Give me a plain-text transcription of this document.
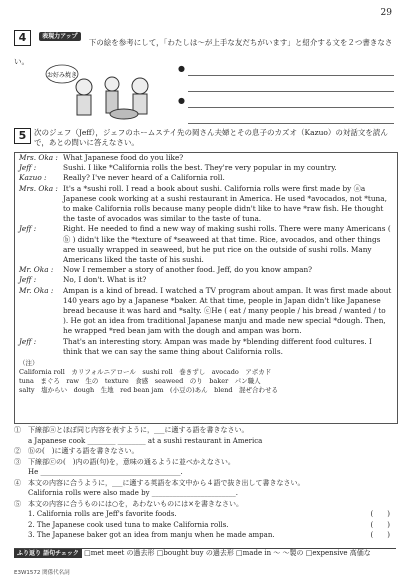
29
4	表現力アップ 下の絵を参考にして，「わたしは～が上手な友だちがいます」と紹介する文を２つ書きなさい。
お好み焼き
●
●
5	次のジェフ（Jeff），ジェフのホームステイ先の岡さん夫婦とその息子のカズオ（Kazuo）の対話文を読んで，あとの問いに答えなさい。
Mrs. Oka : What Japanese food do you like?
Jeff :	Sushi. I like *California rolls the best. They're very popular in my country.
Kazuo :	Really? I've never heard of a California roll.
Mrs. Oka : It's a *sushi roll. I read a book about sushi. California rolls were first made by ⓐa Japanese cook working at a sushi restaurant in America. He used *avocados, not *tuna, to make California rolls because many people didn't like to have *raw fish. He thought the taste of avocados was similar to the taste of tuna.
Jeff :	Right. He needed to find a new way of making sushi rolls. There were many Americans ( ⓑ ) didn't like the *texture of *seaweed at that time. Rice, avocados, and other things are usually wrapped in seaweed, but he put rice on the outside of sushi rolls. Many Americans liked the taste of his sushi.
Mr. Oka :	Now I remember a story of another food. Jeff, do you know ampan?
Jeff :	No, I don't. What is it?
Mr. Oka :	Ampan is a kind of bread. I watched a TV program about ampan. It was first made about 140 years ago by a Japanese *baker. At that time, people in Japan didn't like Japanese bread because it was hard and *salty. ⓒHe ( eat / many people / his bread / wanted / to ). He got an idea from traditional Japanese manju and made new special *dough. Then, he wrapped *red bean jam with the dough and ampan was born.
Jeff :	That's an interesting story. Ampan was made by *blending different food cultures. I think that we can say the same thing about California rolls.
（注）
California roll　カリフォルニアロール　sushi roll　巻きずし　avocado　アボカド
tuna　まぐろ　raw　生の　texture　食感　seaweed　のり　baker　パン職人
salty　塩からい　dough　生地　red bean jam　(小豆の)あん　blend　混ぜ合わせる
①　下線部ⓐとほぼ同じ内容を表すように，___に適する語を書きなさい。
　　a Japanese cook ________ ________ at a sushi restaurant in America
②　ⓑの(　)に適する語を書きなさい。
③　下線部ⓒの(　)内の語(句)を，意味の通るように並べかえなさい。
　　He ________________________________________.
④　本文の内容に合うように，___に適する英語を本文中から４語で抜き出して書きなさい。
　　California rolls were also made by ________________________.
⑤　本文の内容に合うものには○を，あわないものには×を書きなさい。
　　1. California rolls are Jeff's favorite foods.	(　　)
　　2. The Japanese cook used tuna to make California rolls.	(　　)
　　3. The Japanese baker got an idea from manju when he made ampan.	(　　)
ふり返り 語句チェック □met meet の過去形 □bought buy の過去形 □made in ～ ～製の □expensive 高価な
E3W1572 関係代名詞
